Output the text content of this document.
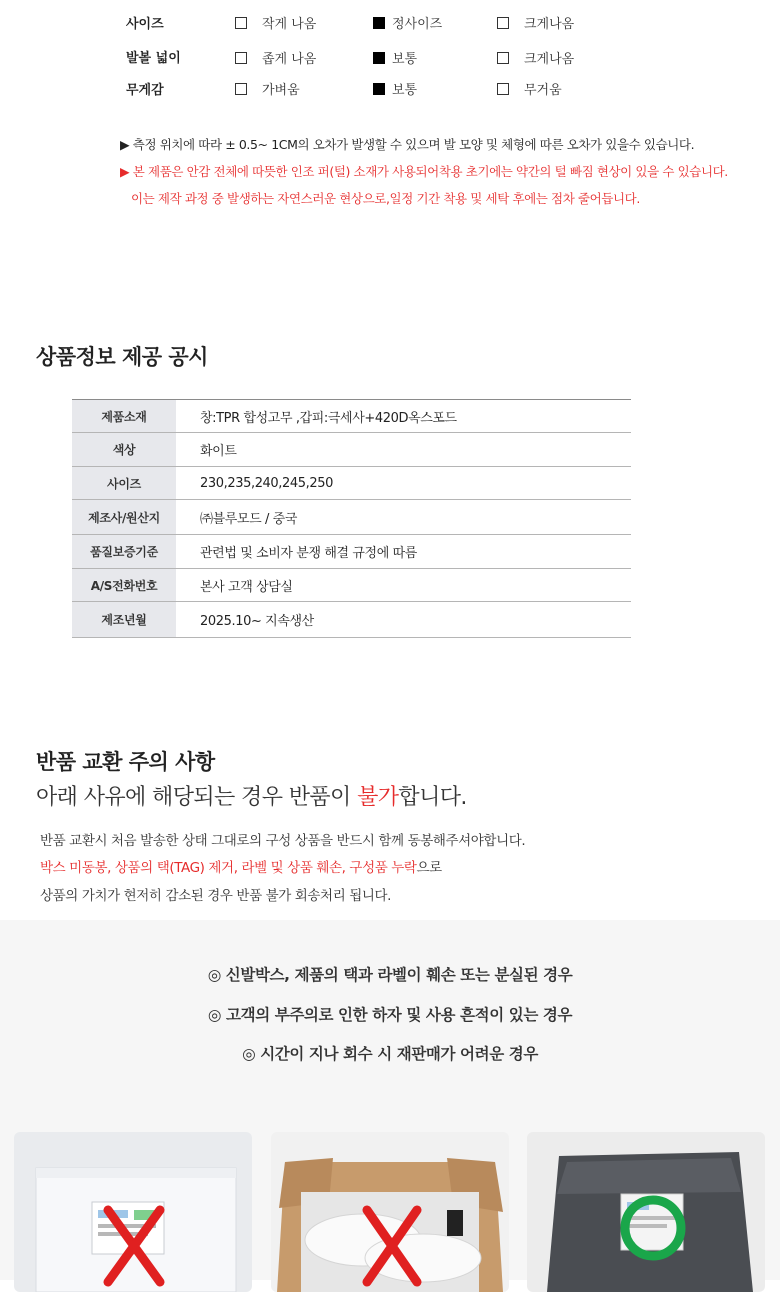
사이즈	작게 나옴	정사이즈	크게나옴
발볼 넓이	좁게 나옴	보통	크게나옴
무게감	가벼움	보통	무거움
▶ 측정 위치에 따라 ± 0.5~ 1CM의 오차가 발생할 수 있으며 발 모양 및 체형에 따른 오차가 있을수 있습니다.
▶ 본 제품은 안감 전체에 따뜻한 인조 퍼(털) 소재가 사용되어착용 초기에는 약간의 털 빠짐 현상이 있을 수 있습니다.
이는 제작 과정 중 발생하는 자연스러운 현상으로,일정 기간 착용 및 세탁 후에는 점차 줄어듭니다.
상품정보 제공 공시
제품소재	창:TPR 합성고무 ,갑피:극세사+420D옥스포드
색상	화이트
사이즈	230,235,240,245,250
제조사/원산지	㈜블루모드 / 중국
품질보증기준	관련법 및 소비자 분쟁 해결 규정에 따름
A/S전화번호	본사 고객 상담실
제조년월	2025.10~ 지속생산
반품 교환 주의 사항
아래 사유에 해당되는 경우 반품이 불가합니다.
반품 교환시 처음 발송한 상태 그대로의 구성 상품을 반드시 함께 동봉해주셔야합니다.
박스 미동봉, 상품의 택(TAG) 제거, 라벨 및 상품 훼손, 구성품 누락으로
상품의 가치가 현저히 감소된 경우 반품 불가 회송처리 됩니다.
◎ 신발박스, 제품의 택과 라벨이 훼손 또는 분실된 경우
◎ 고객의 부주의로 인한 하자 및 사용 흔적이 있는 경우
◎ 시간이 지나 회수 시 재판매가 어려운 경우
